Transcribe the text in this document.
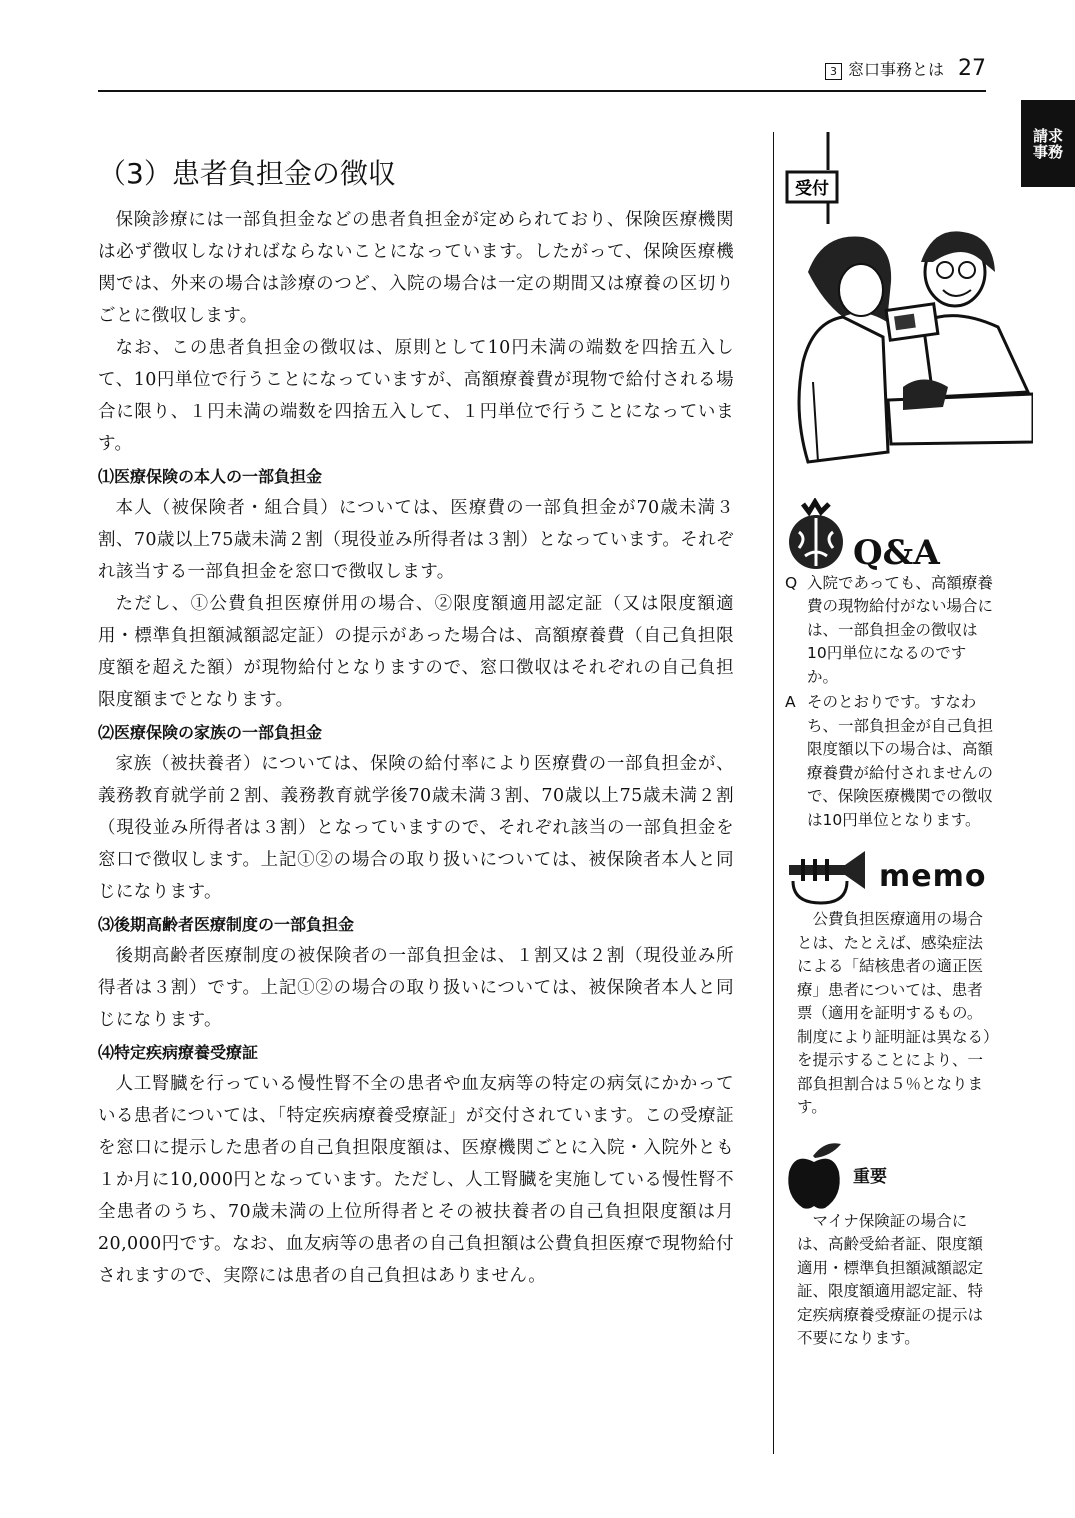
3 窓口事務とは 27
請求事務
（3）患者負担金の徴収

保険診療には一部負担金などの患者負担金が定められており、保険医療機関は必ず徴収しなければならないことになっています。したがって、保険医療機関では、外来の場合は診療のつど、入院の場合は一定の期間又は療養の区切りごとに徴収します。

なお、この患者負担金の徴収は、原則として10円未満の端数を四捨五入して、10円単位で行うことになっていますが、高額療養費が現物で給付される場合に限り、１円未満の端数を四捨五入して、１円単位で行うことになっています。

⑴医療保険の本人の一部負担金

本人（被保険者・組合員）については、医療費の一部負担金が70歳未満３割、70歳以上75歳未満２割（現役並み所得者は３割）となっています。それぞれ該当する一部負担金を窓口で徴収します。

ただし、①公費負担医療併用の場合、②限度額適用認定証（又は限度額適用・標準負担額減額認定証）の提示があった場合は、高額療養費（自己負担限度額を超えた額）が現物給付となりますので、窓口徴収はそれぞれの自己負担限度額までとなります。

⑵医療保険の家族の一部負担金

家族（被扶養者）については、保険の給付率により医療費の一部負担金が、義務教育就学前２割、義務教育就学後70歳未満３割、70歳以上75歳未満２割（現役並み所得者は３割）となっていますので、それぞれ該当の一部負担金を窓口で徴収します。上記①②の場合の取り扱いについては、被保険者本人と同じになります。

⑶後期高齢者医療制度の一部負担金

後期高齢者医療制度の被保険者の一部負担金は、１割又は２割（現役並み所得者は３割）です。上記①②の場合の取り扱いについては、被保険者本人と同じになります。

⑷特定疾病療養受療証

人工腎臓を行っている慢性腎不全の患者や血友病等の特定の病気にかかっている患者については、「特定疾病療養受療証」が交付されています。この受療証を窓口に提示した患者の自己負担限度額は、医療機関ごとに入院・入院外とも１か月に10,000円となっています。ただし、人工腎臓を実施している慢性腎不全患者のうち、70歳未満の上位所得者とその被扶養者の自己負担限度額は月20,000円です。なお、血友病等の患者の自己負担額は公費負担医療で現物給付されますので、実際には患者の自己負担はありません。

受付
Q&A
Q 入院であっても、高額療養費の現物給付がない場合には、一部負担金の徴収は10円単位になるのですか。
A そのとおりです。すなわち、一部負担金が自己負担限度額以下の場合は、高額療養費が給付されませんので、保険医療機関での徴収は10円単位となります。
memo

公費負担医療適用の場合とは、たとえば、感染症法による「結核患者の適正医療」患者については、患者票（適用を証明するもの。制度により証明証は異なる）を提示することにより、一部負担割合は５％となります。

重要

マイナ保険証の場合には、高齢受給者証、限度額適用・標準負担額減額認定証、限度額適用認定証、特定疾病療養受療証の提示は不要になります。
